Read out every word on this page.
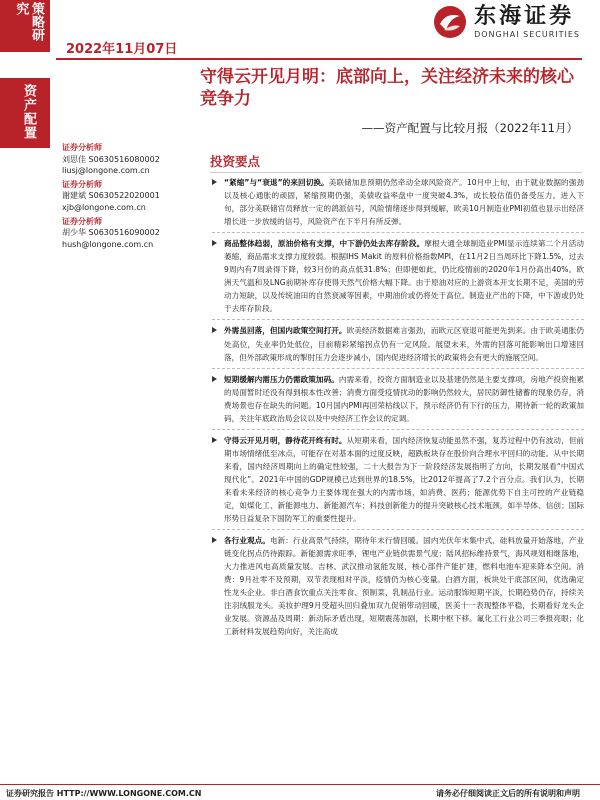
策略研究
资产配置
2022年11月07日
东海证券
DONGHAI SECURITIES
守得云开见月明：底部向上，关注经济未来的核心竞争力
——资产配置与比较月报（2022年11月）
证券分析师
刘思佳 S0630516080002
liusj@longone.com.cn
证券分析师
谢建斌 S0630522020001
xjb@longone.com.cn
证券分析师
胡少华 S0630516090002
hush@longone.com.cn
投资要点
“紧缩”与“衰退”的来回切换。美联储加息预期仍然牵动全球风险资产。10月中上旬，由于就业数据的强劲以及核心通胀的顽固，紧缩预期仍强，美债收益率盘中一度突破4.3%，成长股估值仍备受压力。进入下旬，部分美联储官员释放一定的鸽派信号，风险情绪逐步得到缓解，欧美10月制造业PMI初值也显示出经济增长进一步放缓的信号，风险资产在下半月有所反弹。
商品整体趋弱，原油价格有支撑，中下游仍处去库存阶段。摩根大通全球制造业PMI显示连续第二个月活动萎缩，商品需求支撑力度较弱。根据IHS Makit 的原料价格指数MPI，在11月2日当周环比下降1.5%，过去9周内有7周录得下降，较3月份的高点低31.8%；但即便如此，仍比疫情前的2020年1月份高出40%。欧洲天气温和及LNG前期补库存使得天然气价格大幅下降。由于原油对应的上游资本开支长期不足，美国的劳动力短缺，以及传统油田的自然衰减等因素，中期油价或仍将处于高位。制造业产出的下降，中下游或仍处于去库存阶段。
外需虽回落，但国内政策空间打开。欧美经济数据难言强劲，而欧元区衰退可能更先到来。由于欧美通胀仍处高位，失业率仍处低位，目前精彩紧缩拐点仍有一定风险。展望未来，外需的回落可能影响出口增速回落，但外部政策形成的掣肘压力会逐步减小，国内促进经济增长的政策将会有更大的施展空间。
短期缓解内需压力仍需政策加码。内需来看，投资方面制造业以及基建仍然是主要支撑项，房地产投资拖累的局面暂时还没有得到根本性改善；消费方面受疫情扰动的影响仍然较大，居民防御性储蓄的现象仍存，消费场景也存在缺失的问题。10月国内PMI再回荣枯线以下，预示经济仍有下行的压力，期待新一轮的政策加码，关注年底政治局会议以及中央经济工作会议的定调。
守得云开见月明，静待花开终有时。从短期来看，国内经济恢复动能虽然不强，复苏过程中仍有波动，但前期市场情绪低至冰点，可能存在对基本面的过度反映，超跌板块存在股价向合理水平回归的动能。从中长期来看，国内经济周期向上的确定性较强，二十大报告为下一阶段经济发展指明了方向，长期发展看“中国式现代化”。2021年中国的GDP规模已达到世界的18.5%，比2012年提高了7.2个百分点。我们认为，长期来看未来经济的核心竞争力主要体现在强大的内需市场，如消费、医药；能源优势下自主可控的产业链稳定，如煤化工、新能源电力、新能源汽车；科技创新能力的提升突破核心技术瓶颈，如半导体、信创；国际形势日益复杂下国防军工的重要性提升。
各行业观点。电新：行业高景气持续，期待年末行情回暖。国内光伏年末集中式、硅料放量开始落地，产业链变化拐点仍待跟踪。新能源需求旺季，锂电产业链供需景气度；陆风招标维持景气，海风规划相继落地，大力推进风电高质量发展。吉林、武汉推动氢能发展，核心部件产能扩建，燃料电池车迎来降本空间。消费：9月社零不及预期，双节表现相对平淡，疫情仍为核心变量。白酒方面，板块处于底部区间，优选确定性龙头企业。非白酒食饮重点关注零食、预制菜、乳制品行业。运动服饰短期平淡，长期趋势仍存，持续关注羽绒服龙头。美妆护理9月受超头回归叠加双九促销带动回暖，医美十一表现整体平稳，长期看好龙头企业发展。资源品及周期：新动际矛盾出现，短期震荡加剧，长期中枢下移。氟化工行业公司三季报亮眼；化工新材料发展趋势向好，关注高成
证券研究报告 HTTP://WWW.LONGONE.COM.CN	请务必仔细阅读正文后的所有说明和声明
